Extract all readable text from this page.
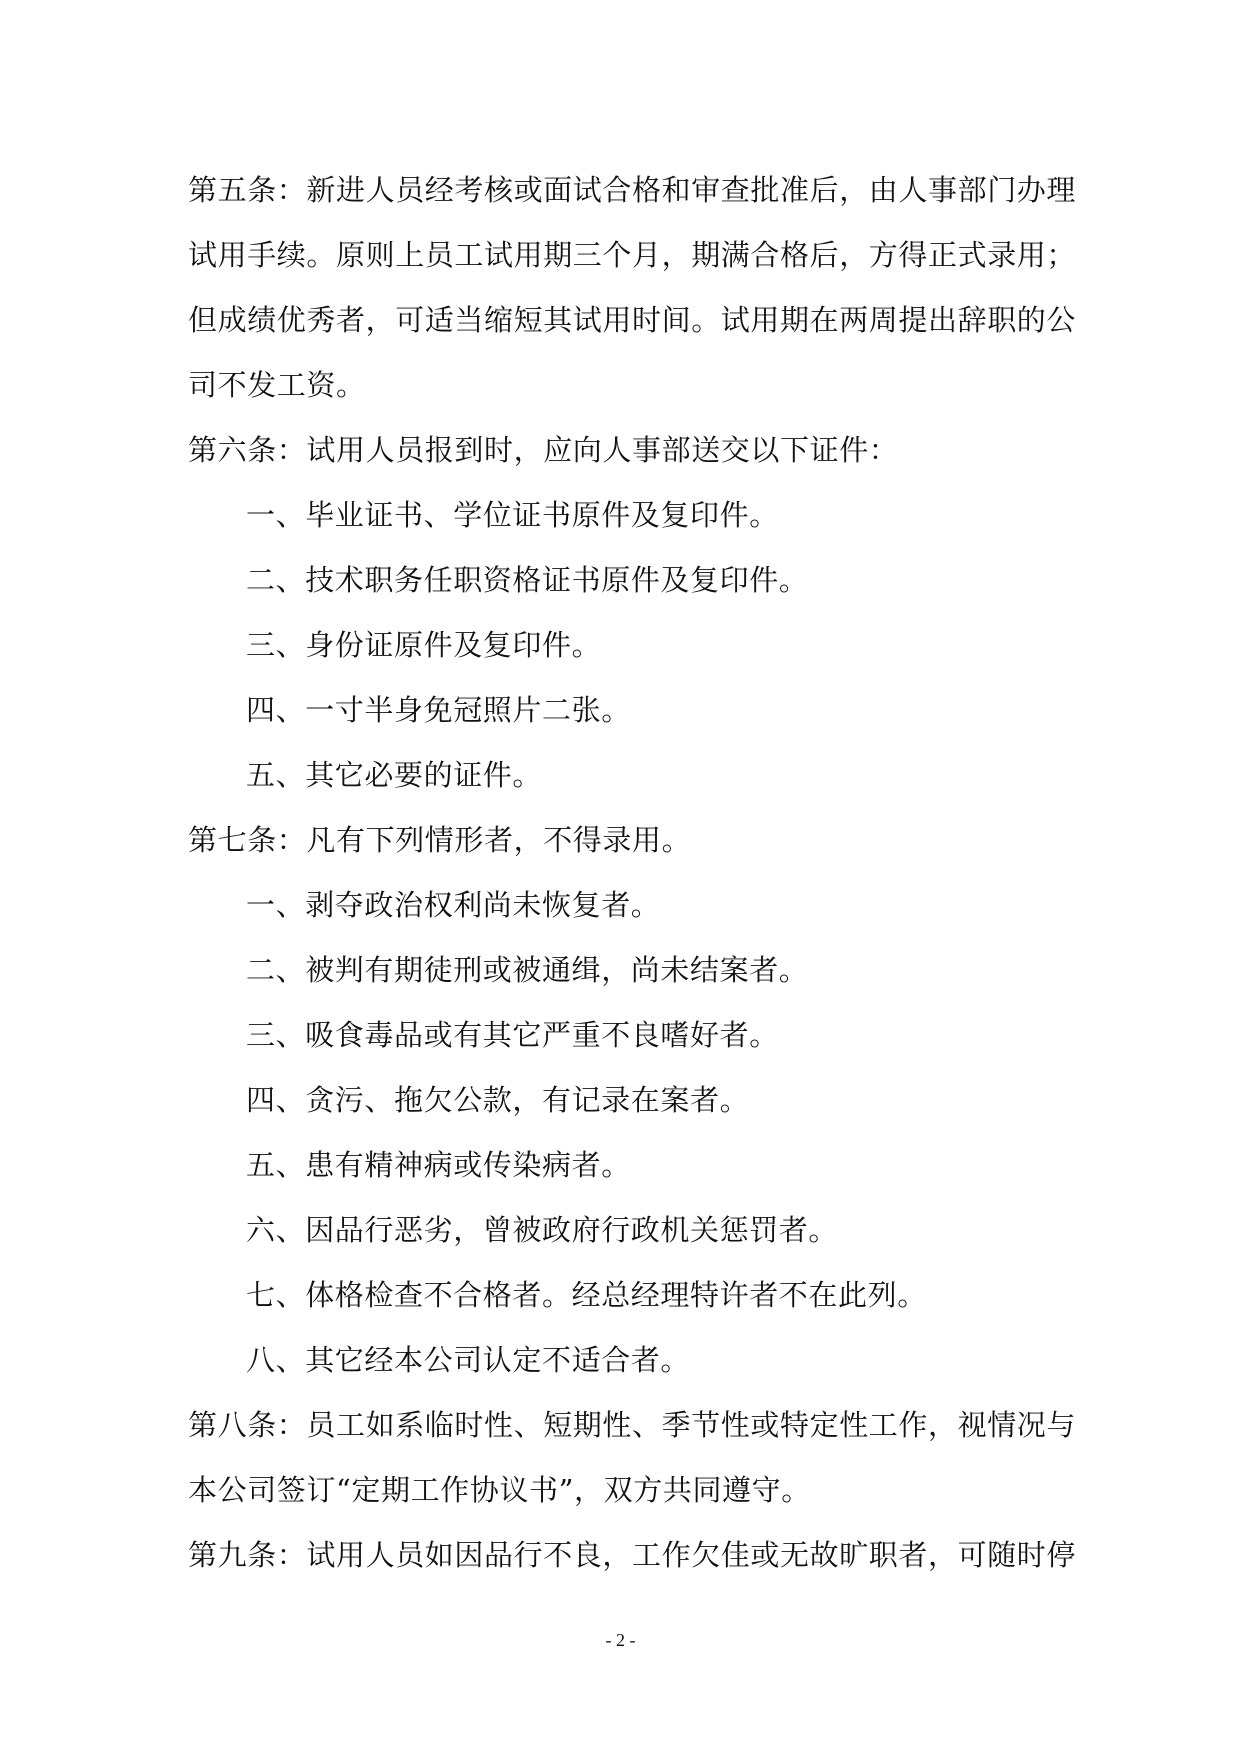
第五条：新进人员经考核或面试合格和审查批准后，由人事部门办理
试用手续。原则上员工试用期三个月，期满合格后，方得正式录用；
但成绩优秀者，可适当缩短其试用时间。试用期在两周提出辞职的公
司不发工资。
第六条：试用人员报到时，应向人事部送交以下证件：
一、毕业证书、学位证书原件及复印件。
二、技术职务任职资格证书原件及复印件。
三、身份证原件及复印件。
四、一寸半身免冠照片二张。
五、其它必要的证件。
第七条：凡有下列情形者，不得录用。
一、剥夺政治权利尚未恢复者。
二、被判有期徒刑或被通缉，尚未结案者。
三、吸食毒品或有其它严重不良嗜好者。
四、贪污、拖欠公款，有记录在案者。
五、患有精神病或传染病者。
六、因品行恶劣，曾被政府行政机关惩罚者。
七、体格检查不合格者。经总经理特许者不在此列。
八、其它经本公司认定不适合者。
第八条：员工如系临时性、短期性、季节性或特定性工作，视情况与
本公司签订“定期工作协议书”，双方共同遵守。
第九条：试用人员如因品行不良，工作欠佳或无故旷职者，可随时停
- 2 -
